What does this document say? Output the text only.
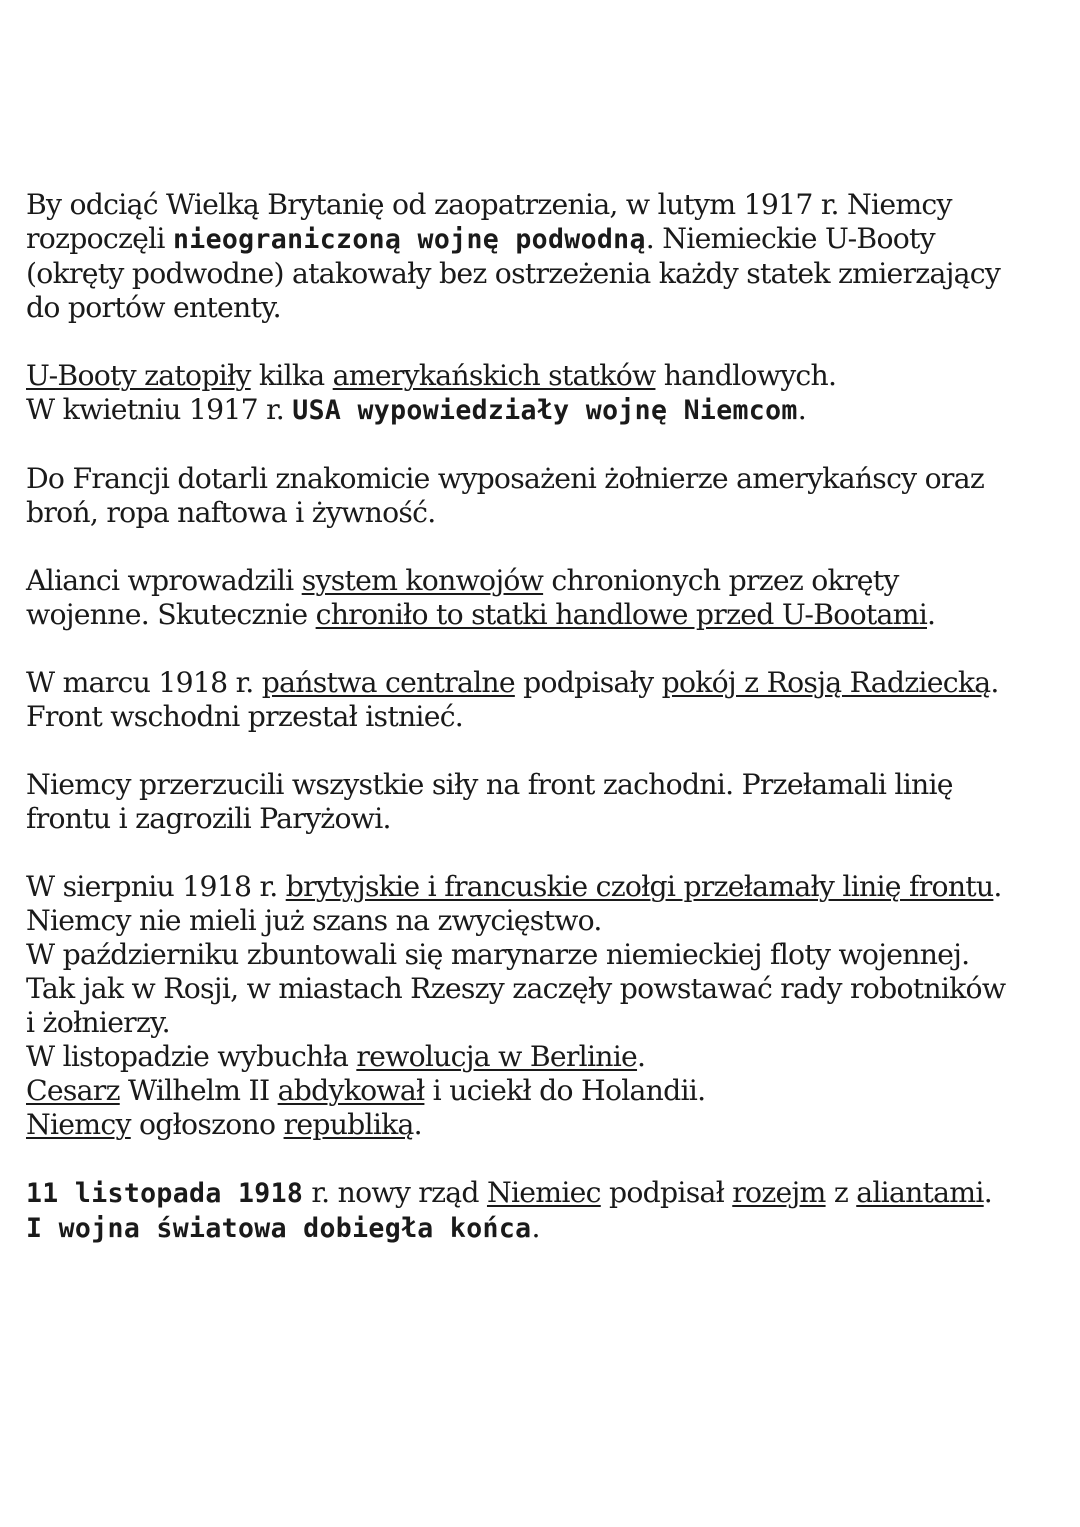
By odciąć Wielką Brytanię od zaopatrzenia, w lutym 1917 r. Niemcy
rozpoczęli nieograniczoną wojnę podwodną. Niemieckie U-Booty
(okręty podwodne) atakowały bez ostrzeżenia każdy statek zmierzający
do portów ententy.
U-Booty zatopiły kilka amerykańskich statków handlowych.
W kwietniu 1917 r. USA wypowiedziały wojnę Niemcom.
Do Francji dotarli znakomicie wyposażeni żołnierze amerykańscy oraz
broń, ropa naftowa i żywność.
Alianci wprowadzili system konwojów chronionych przez okręty
wojenne. Skutecznie chroniło to statki handlowe przed U-Bootami.
W marcu 1918 r. państwa centralne podpisały pokój z Rosją Radziecką.
Front wschodni przestał istnieć.
Niemcy przerzucili wszystkie siły na front zachodni. Przełamali linię
frontu i zagrozili Paryżowi.
W sierpniu 1918 r. brytyjskie i francuskie czołgi przełamały linię frontu.
Niemcy nie mieli już szans na zwycięstwo.
W październiku zbuntowali się marynarze niemieckiej floty wojennej.
Tak jak w Rosji, w miastach Rzeszy zaczęły powstawać rady robotników
i żołnierzy.
W listopadzie wybuchła rewolucja w Berlinie.
Cesarz Wilhelm II abdykował i uciekł do Holandii.
Niemcy ogłoszono republiką.
11 listopada 1918 r. nowy rząd Niemiec podpisał rozejm z aliantami.
I wojna światowa dobiegła końca.
